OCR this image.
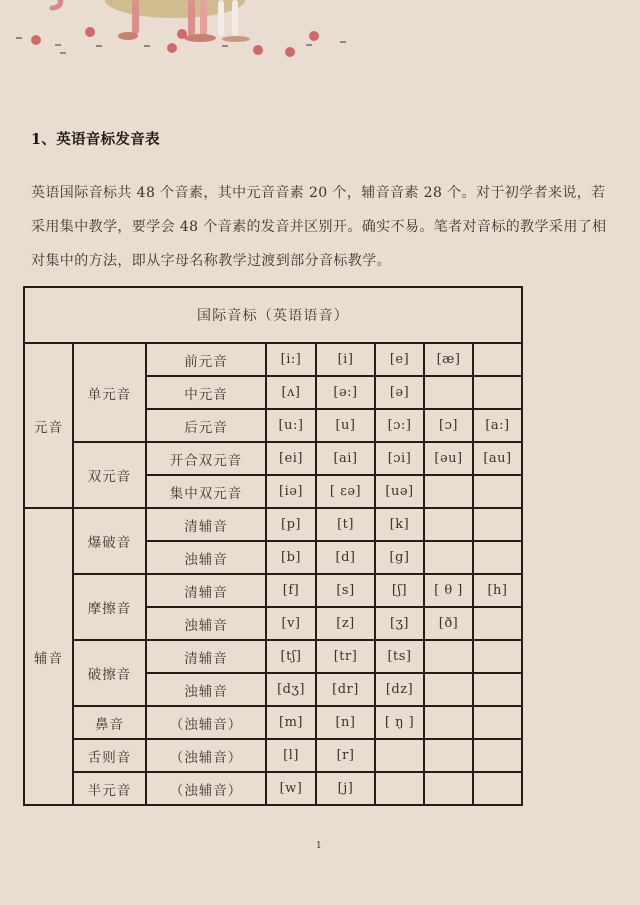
1、英语音标发音表
英语国际音标共 48 个音素，其中元音音素 20 个，辅音音素 28 个。对于初学者来说，若采用集中教学，要学会 48 个音素的发音并区别开。确实不易。笔者对音标的教学采用了相对集中的方法，即从字母名称教学过渡到部分音标教学。
国际音标（英语语音）							
元音	单元音	前元音	[i:]	[i]	[e]	[æ]	
		中元音	[ʌ]	[ə:]	[ə]		
		后元音	[u:]	[u]	[ɔ:]	[ɔ]	[a:]
	双元音	开合双元音	[ei]	[ai]	[ɔi]	[əu]	[au]
		集中双元音	[iə]	[ εə]	[uə]		
辅音	爆破音	清辅音	[p]	[t]	[k]		
		浊辅音	[b]	[d]	[g]		
	摩擦音	清辅音	[f]	[s]	[ʃ]	[ θ ]	[h]
		浊辅音	[v]	[z]	[ʒ]	[ð]	
	破擦音	清辅音	[tʃ]	[tr]	[ts]		
		浊辅音	[dʒ]	[dr]	[dz]		
	鼻音	（浊辅音）	[m]	[n]	[ ŋ ]		
	舌则音	（浊辅音）	[l]	[r]			
	半元音	（浊辅音）	[w]	[j]			
1
